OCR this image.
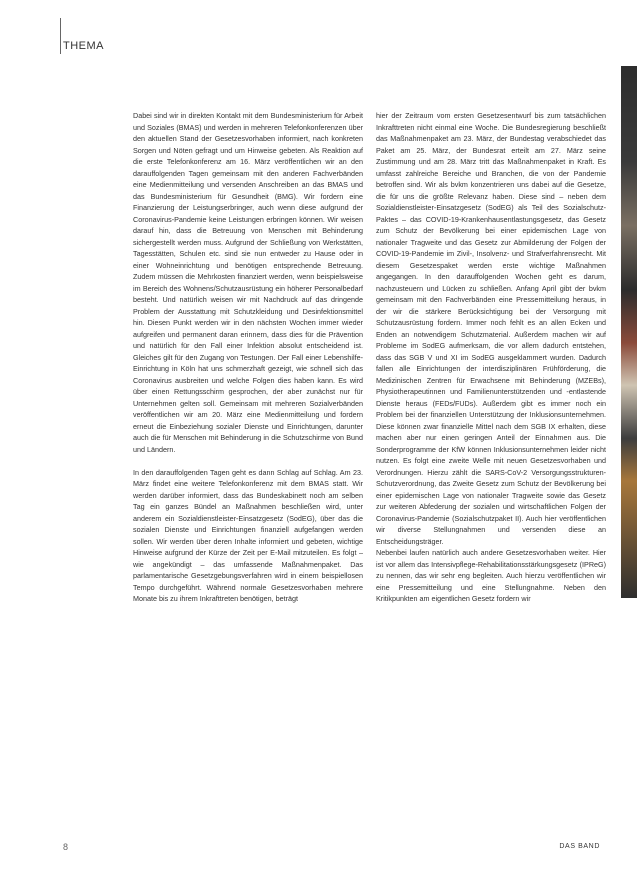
THEMA

Dabei sind wir in direkten Kontakt mit dem Bundesministerium für Arbeit und Soziales (BMAS) und werden in mehreren Telefonkonferenzen über den aktuellen Stand der Gesetzesvorhaben informiert, nach konkreten Sorgen und Nöten gefragt und um Hinweise gebeten. Als Reaktion auf die erste Telefonkonferenz am 16. März veröffentlichen wir an den darauffolgenden Tagen gemeinsam mit den anderen Fachverbänden eine Medienmitteilung und versenden Anschreiben an das BMAS und das Bundesministerium für Gesundheit (BMG). Wir fordern eine Finanzierung der Leistungserbringer, auch wenn diese aufgrund der Coronavirus-Pandemie keine Leistungen erbringen können. Wir weisen darauf hin, dass die Betreuung von Menschen mit Behinderung sichergestellt werden muss. Aufgrund der Schließung von Werkstätten, Tagesstätten, Schulen etc. sind sie nun entweder zu Hause oder in einer Wohneinrichtung und benötigen entsprechende Betreuung. Zudem müssen die Mehrkosten finanziert werden, wenn beispielsweise im Bereich des Wohnens/Schutzausrüstung ein höherer Personalbedarf besteht. Und natürlich weisen wir mit Nachdruck auf das dringende Problem der Ausstattung mit Schutzkleidung und Desinfektionsmittel hin. Diesen Punkt werden wir in den nächsten Wochen immer wieder aufgreifen und permanent daran erinnern, dass dies für die Prävention und natürlich für den Fall einer Infektion absolut entscheidend ist. Gleiches gilt für den Zugang von Testungen. Der Fall einer Lebenshilfe-Einrichtung in Köln hat uns schmerzhaft gezeigt, wie schnell sich das Coronavirus ausbreiten und welche Folgen dies haben kann. Es wird über einen Rettungsschirm gesprochen, der aber zunächst nur für Unternehmen gelten soll. Gemeinsam mit mehreren Sozialverbänden veröffentlichen wir am 20. März eine Medienmitteilung und fordern erneut die Einbeziehung sozialer Dienste und Einrichtungen, darunter auch die für Menschen mit Behinderung in die Schutzschirme von Bund und Ländern.

In den darauffolgenden Tagen geht es dann Schlag auf Schlag. Am 23. März findet eine weitere Telefonkonferenz mit dem BMAS statt. Wir werden darüber informiert, dass das Bundeskabinett noch am selben Tag ein ganzes Bündel an Maßnahmen beschließen wird, unter anderem ein Sozialdienstleister-Einsatzgesetz (SodEG), über das die sozialen Dienste und Einrichtungen finanziell aufgefangen werden sollen. Wir werden über deren Inhalte informiert und gebeten, wichtige Hinweise aufgrund der Kürze der Zeit per E-Mail mitzuteilen. Es folgt – wie angekündigt – das umfassende Maßnahmenpaket. Das parlamentarische Gesetzgebungsverfahren wird in einem beispiellosen Tempo durchgeführt. Während normale Gesetzesvorhaben mehrere Monate bis zu ihrem Inkrafttreten benötigen, beträgt

hier der Zeitraum vom ersten Gesetzesentwurf bis zum tatsächlichen Inkrafttreten nicht einmal eine Woche. Die Bundesregierung beschließt das Maßnahmenpaket am 23. März, der Bundestag verabschiedet das Paket am 25. März, der Bundesrat erteilt am 27. März seine Zustimmung und am 28. März tritt das Maßnahmenpaket in Kraft. Es umfasst zahlreiche Bereiche und Branchen, die von der Pandemie betroffen sind. Wir als bvkm konzentrieren uns dabei auf die Gesetze, die für uns die größte Relevanz haben. Diese sind – neben dem Sozialdienstleister-Einsatzgesetz (SodEG) als Teil des Sozialschutz-Paktes – das COVID-19-Krankenhausentlastungsgesetz, das Gesetz zum Schutz der Bevölkerung bei einer epidemischen Lage von nationaler Tragweite und das Gesetz zur Abmilderung der Folgen der COVID-19-Pandemie im Zivil-, Insolvenz- und Strafverfahrensrecht. Mit diesem Gesetzespaket werden erste wichtige Maßnahmen angegangen. In den darauffolgenden Wochen geht es darum, nachzusteuern und Lücken zu schließen. Anfang April gibt der bvkm gemeinsam mit den Fachverbänden eine Pressemitteilung heraus, in der wir die stärkere Berücksichtigung bei der Versorgung mit Schutzausrüstung fordern. Immer noch fehlt es an allen Ecken und Enden an notwendigem Schutzmaterial. Außerdem machen wir auf Probleme im SodEG aufmerksam, die vor allem dadurch entstehen, dass das SGB V und XI im SodEG ausgeklammert wurden. Dadurch fallen alle Einrichtungen der interdisziplinären Frühförderung, die Medizinischen Zentren für Erwachsene mit Behinderung (MZEBs), Physiotherapeutinnen und Familienunterstützenden und -entlastende Dienste heraus (FEDs/FUDs). Außerdem gibt es immer noch ein Problem bei der finanziellen Unterstützung der Inklusionsunternehmen. Diese können zwar finanzielle Mittel nach dem SGB IX erhalten, diese machen aber nur einen geringen Anteil der Einnahmen aus. Die Sonderprogramme der KfW können Inklusionsunternehmen leider nicht nutzen. Es folgt eine zweite Welle mit neuen Gesetzesvorhaben und Verordnungen. Hierzu zählt die SARS-CoV-2 Versorgungsstrukturen-Schutzverordnung, das Zweite Gesetz zum Schutz der Bevölkerung bei einer epidemischen Lage von nationaler Tragweite sowie das Gesetz zur weiteren Abfederung der sozialen und wirtschaftlichen Folgen der Coronavirus-Pandemie (Sozialschutzpaket II). Auch hier veröffentlichen wir diverse Stellungnahmen und versenden diese an Entscheidungsträger.

Nebenbei laufen natürlich auch andere Gesetzesvorhaben weiter. Hier ist vor allem das Intensivpflege-Rehabilitationsstärkungsgesetz (IPReG) zu nennen, das wir sehr eng begleiten. Auch hierzu veröffentlichen wir eine Pressemitteilung und eine Stellungnahme. Neben den Kritikpunkten am eigentlichen Gesetz fordern wir

8	DAS BAND
